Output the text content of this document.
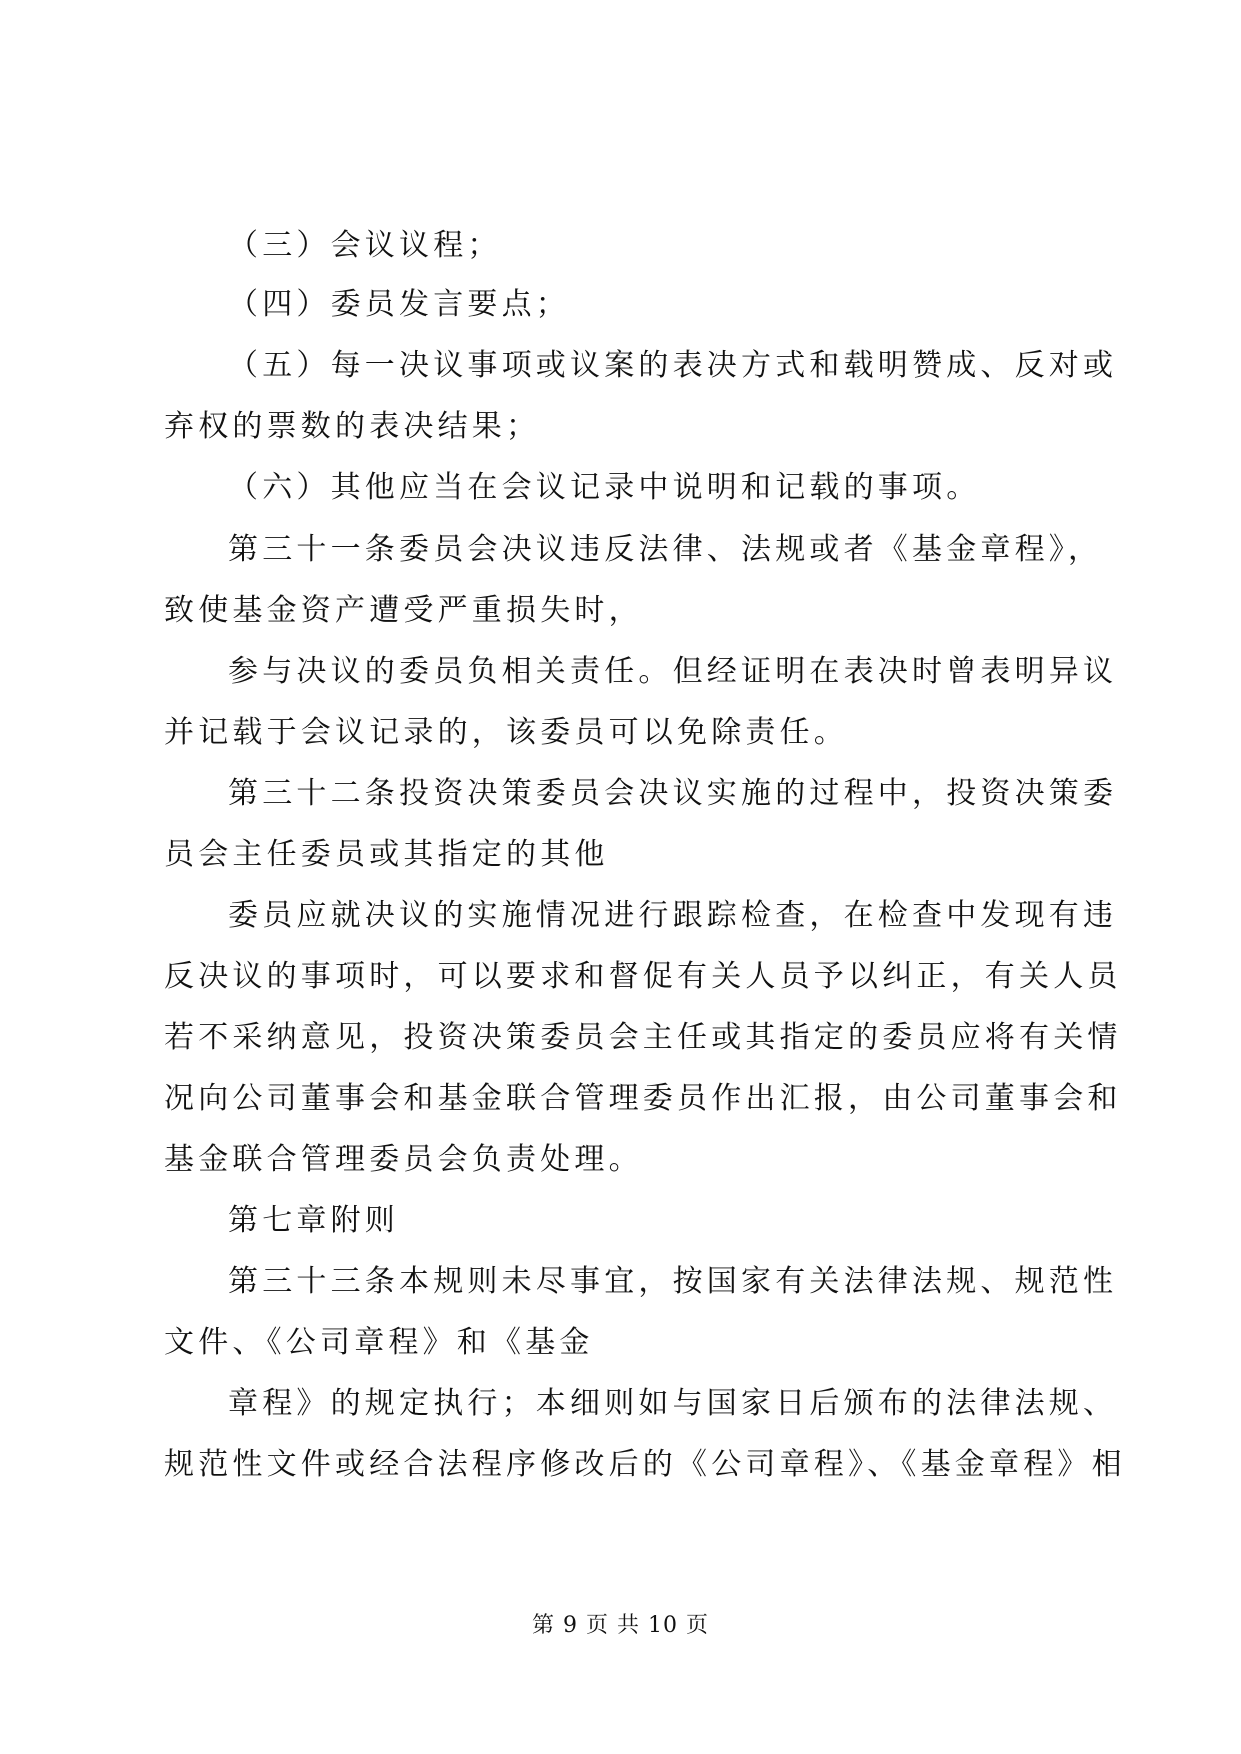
（三）会议议程；
（四）委员发言要点；
（五）每一决议事项或议案的表决方式和载明赞成、反对或
弃权的票数的表决结果；
（六）其他应当在会议记录中说明和记载的事项。
第三十一条委员会决议违反法律、法规或者《基金章程》，
致使基金资产遭受严重损失时，
参与决议的委员负相关责任。但经证明在表决时曾表明异议
并记载于会议记录的，该委员可以免除责任。
第三十二条投资决策委员会决议实施的过程中，投资决策委
员会主任委员或其指定的其他
委员应就决议的实施情况进行跟踪检查，在检查中发现有违
反决议的事项时，可以要求和督促有关人员予以纠正，有关人员
若不采纳意见，投资决策委员会主任或其指定的委员应将有关情
况向公司董事会和基金联合管理委员作出汇报，由公司董事会和
基金联合管理委员会负责处理。
第七章附则
第三十三条本规则未尽事宜，按国家有关法律法规、规范性
文件、《公司章程》和《基金
章程》的规定执行；本细则如与国家日后颁布的法律法规、
规范性文件或经合法程序修改后的《公司章程》、《基金章程》相
第 9 页 共 10 页
